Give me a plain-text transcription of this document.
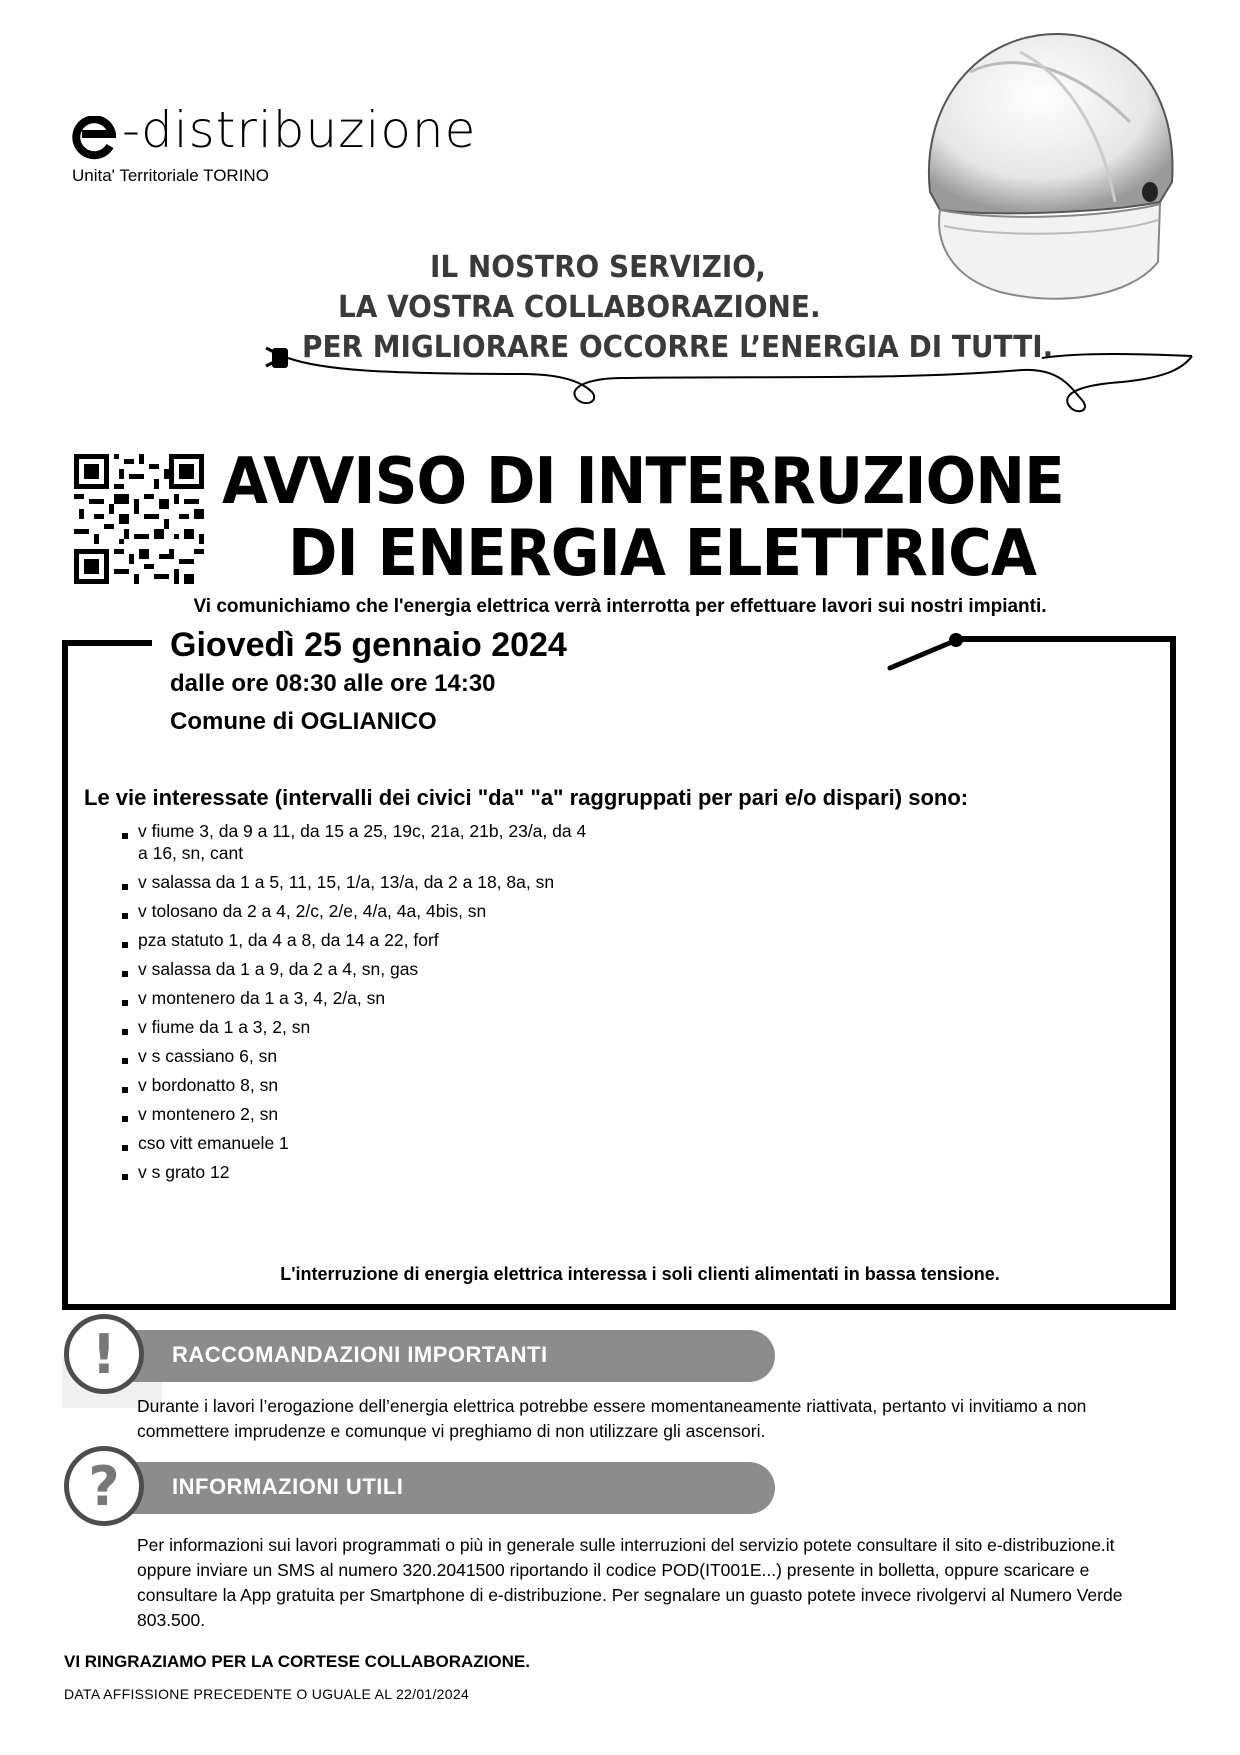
-distribuzione
Unita' Territoriale TORINO
IL NOSTRO SERVIZIO,
LA VOSTRA COLLABORAZIONE.
PER MIGLIORARE OCCORRE L’ENERGIA DI TUTTI.
AVVISO DI INTERRUZIONE
DI ENERGIA ELETTRICA
Vi comunichiamo che l'energia elettrica verrà interrotta per effettuare lavori sui nostri impianti.
Giovedì 25 gennaio 2024
dalle ore 08:30 alle ore 14:30
Comune di OGLIANICO
Le vie interessate (intervalli dei civici "da" "a" raggruppati per pari e/o dispari) sono:
v fiume 3, da 9 a 11, da 15 a 25, 19c, 21a, 21b, 23/a, da 4 a 16, sn, cant
v salassa da 1 a 5, 11, 15, 1/a, 13/a, da 2 a 18, 8a, sn
v tolosano da 2 a 4, 2/c, 2/e, 4/a, 4a, 4bis, sn
pza statuto 1, da 4 a 8, da 14 a 22, forf
v salassa da 1 a 9, da 2 a 4, sn, gas
v montenero da 1 a 3, 4, 2/a, sn
v fiume da 1 a 3, 2, sn
v s cassiano 6, sn
v bordonatto 8, sn
v montenero 2, sn
cso vitt emanuele 1
v s grato 12
L'interruzione di energia elettrica interessa i soli clienti alimentati in bassa tensione.
RACCOMANDAZIONI IMPORTANTI
!
Durante i lavori l’erogazione dell’energia elettrica potrebbe essere momentaneamente riattivata, pertanto vi invitiamo a non commettere imprudenze e comunque vi preghiamo di non utilizzare gli ascensori.
INFORMAZIONI UTILI
?
Per informazioni sui lavori programmati o più in generale sulle interruzioni del servizio potete consultare il sito e-distribuzione.it oppure inviare un SMS al numero 320.2041500 riportando il codice POD(IT001E...) presente in bolletta, oppure scaricare e consultare la App gratuita per Smartphone di e-distribuzione. Per segnalare un guasto potete invece rivolgervi al Numero Verde 803.500.
VI RINGRAZIAMO PER LA CORTESE COLLABORAZIONE.
DATA AFFISSIONE PRECEDENTE O UGUALE AL 22/01/2024
